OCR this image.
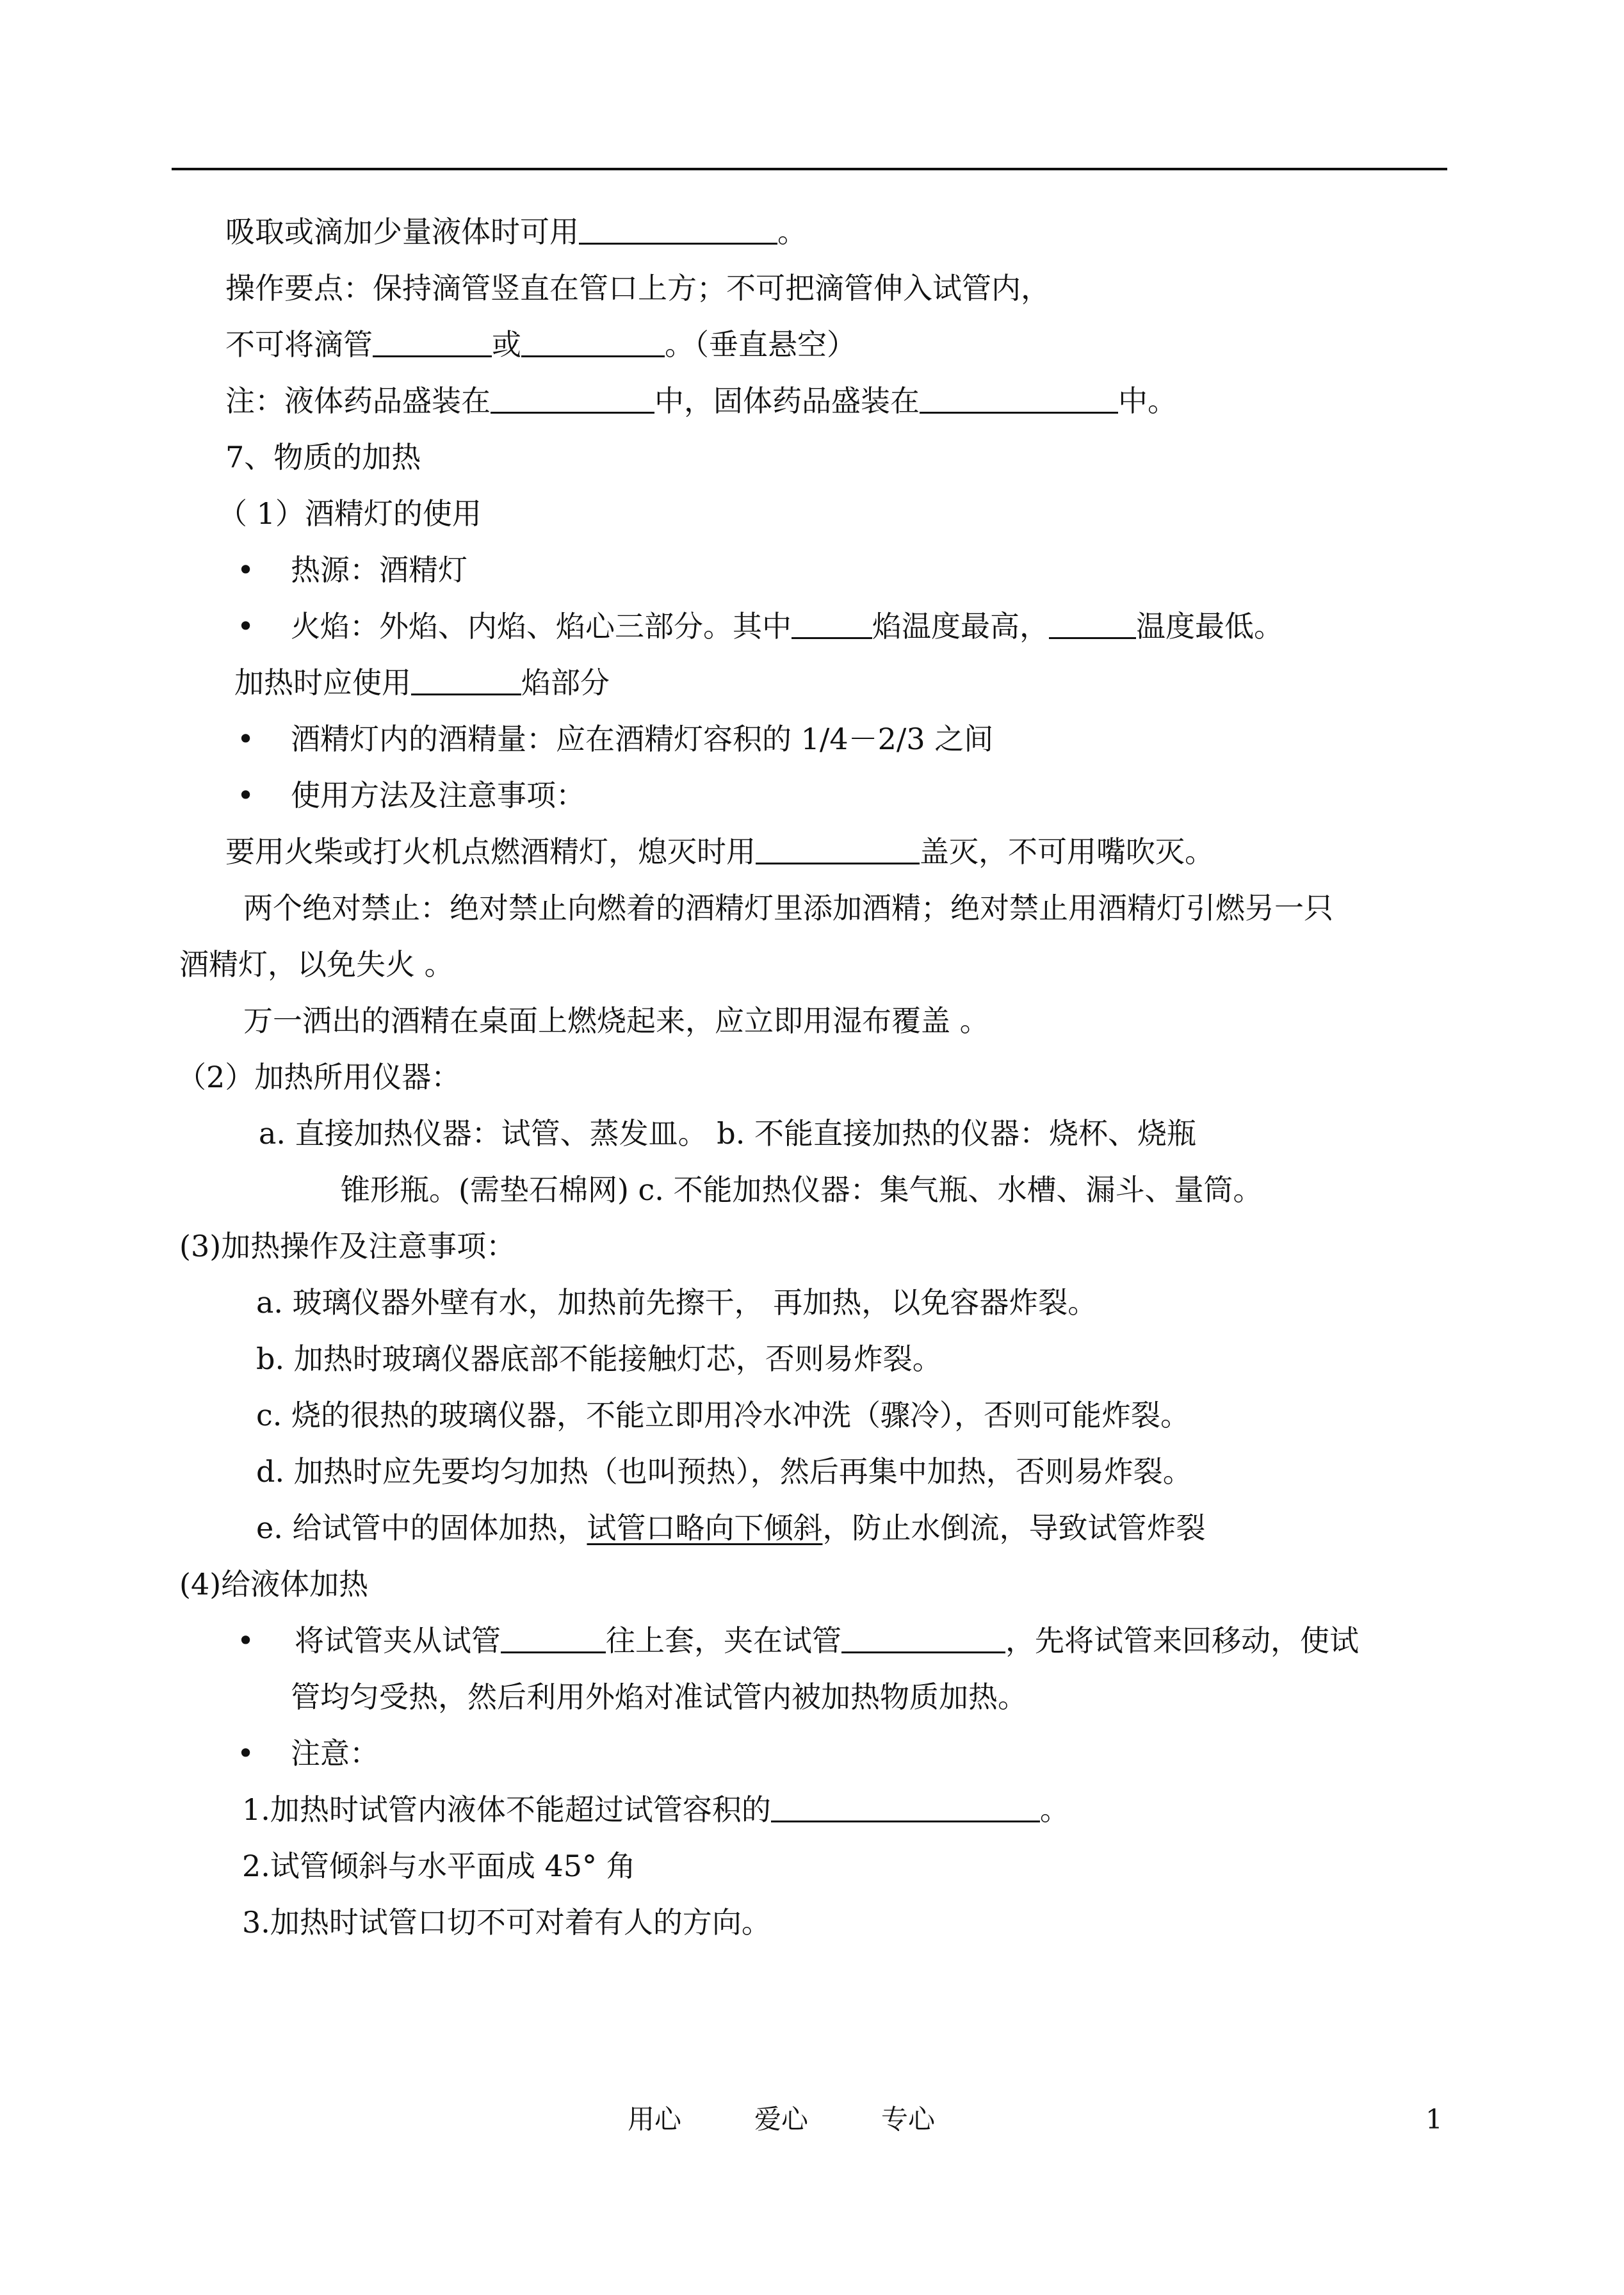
吸取或滴加少量液体时可用	。
操作要点：保持滴管竖直在管口上方；不可把滴管伸入试管内，
不可将滴管	或	。（垂直悬空）
注：液体药品盛装在	中，固体药品盛装在	中。
7、物质的加热
（ 1）酒精灯的使用
• 热源：酒精灯
• 火焰：外焰、内焰、焰心三部分。其中	焰温度最高，	温度最低。
加热时应使用	焰部分
• 酒精灯内的酒精量：应在酒精灯容积的 1/4－2/3 之间
• 使用方法及注意事项：
要用火柴或打火机点燃酒精灯，熄灭时用	盖灭，不可用嘴吹灭。
两个绝对禁止：绝对禁止向燃着的酒精灯里添加酒精；绝对禁止用酒精灯引燃另一只
酒精灯，以免失火 。
万一洒出的酒精在桌面上燃烧起来，应立即用湿布覆盖 。
（2）加热所用仪器：
a. 直接加热仪器：试管、蒸发皿。 b. 不能直接加热的仪器：烧杯、烧瓶
锥形瓶。(需垫石棉网) c. 不能加热仪器：集气瓶、水槽、漏斗、量筒。
(3)加热操作及注意事项：
a. 玻璃仪器外壁有水，加热前先擦干， 再加热，以免容器炸裂。
b. 加热时玻璃仪器底部不能接触灯芯，否则易炸裂。
c. 烧的很热的玻璃仪器，不能立即用冷水冲洗（骤冷），否则可能炸裂。
d. 加热时应先要均匀加热（也叫预热），然后再集中加热，否则易炸裂。
e. 给试管中的固体加热，试管口略向下倾斜，防止水倒流，导致试管炸裂
(4)给液体加热
• 将试管夹从试管	往上套，夹在试管	，先将试管来回移动，使试
管均匀受热，然后利用外焰对准试管内被加热物质加热。
• 注意：
1.加热时试管内液体不能超过试管容积的	。
2.试管倾斜与水平面成 45° 角
3.加热时试管口切不可对着有人的方向。
用心	爱心	专心	1
